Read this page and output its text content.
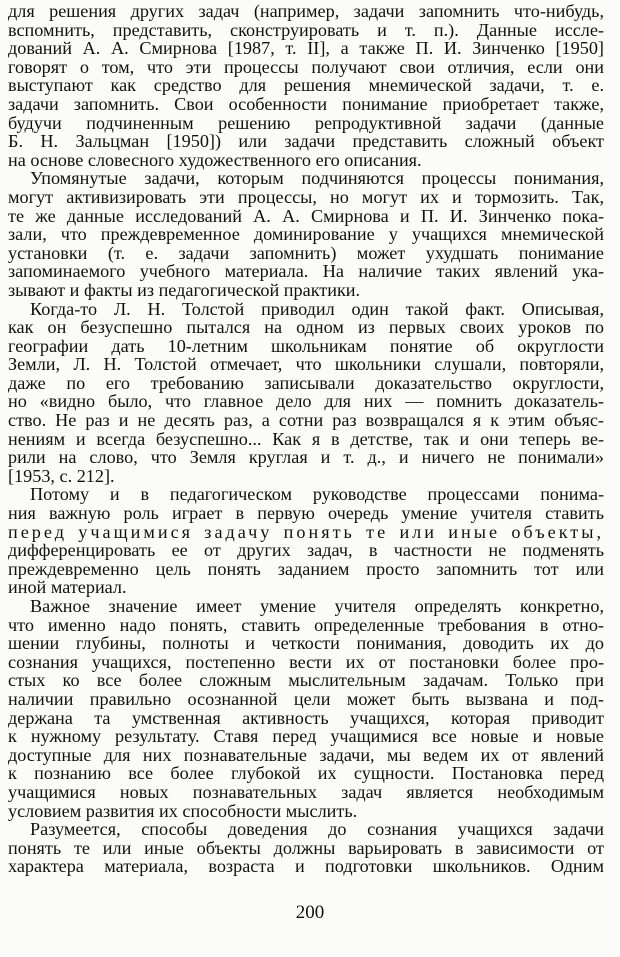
для решения других задач (например, задачи запомнить что-нибудь,
вспомнить, представить, сконструировать и т. п.). Данные иссле-
дований А. А. Смирнова [1987, т. II], а также П. И. Зинченко [1950]
говорят о том, что эти процессы получают свои отличия, если они
выступают как средство для решения мнемической задачи, т. е.
задачи запомнить. Свои особенности понимание приобретает также,
будучи подчиненным решению репродуктивной задачи (данные
Б. Н. Зальцман [1950]) или задачи представить сложный объект
на основе словесного художественного его описания.
Упомянутые задачи, которым подчиняются процессы понимания,
могут активизировать эти процессы, но могут их и тормозить. Так,
те же данные исследований А. А. Смирнова и П. И. Зинченко пока-
зали, что преждевременное доминирование у учащихся мнемической
установки (т. е. задачи запомнить) может ухудшать понимание
запоминаемого учебного материала. На наличие таких явлений ука-
зывают и факты из педагогической практики.
Когда-то Л. Н. Толстой приводил один такой факт. Описывая,
как он безуспешно пытался на одном из первых своих уроков по
географии дать 10-летним школьникам понятие об округлости
Земли, Л. Н. Толстой отмечает, что школьники слушали, повторяли,
даже по его требованию записывали доказательство округлости,
но «видно было, что главное дело для них — помнить доказатель-
ство. Не раз и не десять раз, а сотни раз возвращался я к этим объяс-
нениям и всегда безуспешно... Как я в детстве, так и они теперь ве-
рили на слово, что Земля круглая и т. д., и ничего не понимали»
[1953, с. 212].
Потому и в педагогическом руководстве процессами понима-
ния важную роль играет в первую очередь умение учителя ставить
перед учащимися задачу понять те или иные объекты,
дифференцировать ее от других задач, в частности не подменять
преждевременно цель понять заданием просто запомнить тот или
иной материал.
Важное значение имеет умение учителя определять конкретно,
что именно надо понять, ставить определенные требования в отно-
шении глубины, полноты и четкости понимания, доводить их до
сознания учащихся, постепенно вести их от постановки более про-
стых ко все более сложным мыслительным задачам. Только при
наличии правильно осознанной цели может быть вызвана и под-
держана та умственная активность учащихся, которая приводит
к нужному результату. Ставя перед учащимися все новые и новые
доступные для них познавательные задачи, мы ведем их от явлений
к познанию все более глубокой их сущности. Постановка перед
учащимися новых познавательных задач является необходимым
условием развития их способности мыслить.
Разумеется, способы доведения до сознания учащихся задачи
понять те или иные объекты должны варьировать в зависимости от
характера материала, возраста и подготовки школьников. Одним
200
